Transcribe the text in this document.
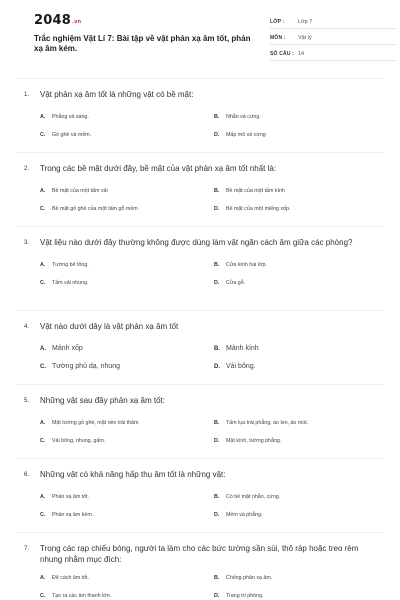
2048.vn
Trắc nghiệm Vật Lí 7: Bài tập về vật phản xạ âm tốt, phản xạ âm kém.
LỚP :	Lớp 7
MÔN :	Vật lý
SỐ CÂU : 14
1.	Vật phản xạ âm tốt là những vật có bề mặt:
A.	Phẳng và sáng.	B.	Nhẵn và cứng.
C.	Gồ ghề và mềm.	D.	Mấp mô và cứng
2.	Trong các bề mặt dưới đây, bề mặt của vật phản xạ âm tốt nhất là:
A.	Bề mặt của một tấm vải	B.	Bề mặt của một tấm kính
C.	Bề mặt gồ ghề của một tấm gỗ mềm	D.	Bề mặt của một miếng xốp.
3.	Vật liệu nào dưới đây thường không được dùng làm vật ngăn cách âm giữa các phòng?
A.	Tường bê tông.	B.	Cửa kính hai lớp.
C.	Tấm vải nhung.	D.	Cửa gỗ.
4.	Vật nào dưới dây là vật phản xạ âm tốt
A. Mảnh xốp	B. Mảnh kính
C. Tường phủ dạ, nhung	D. Vải bông.
5.	Những vật sau đây phản xạ âm tốt:
A.	Mặt tường gồ ghề, mặt nền trải thảm	B.	Tấm lụa trải phẳng, áo len, áo mút.
C.	Vải bông, nhung, gấm.	D.	Mặt kính, tường phẳng.
6.	Những vật có khả năng hấp thụ âm tốt là những vật:
A.	Phản xạ âm tốt.	B.	Có bề mặt nhẵn, cứng.
C.	Phản xạ âm kém.	D.	Mềm và phẳng.
7.	Trong các rạp chiếu bóng, người ta làm cho các bức tường sần sùi, thô ráp hoặc treo rèm nhung nhằm mục đích:
A.	Để cách âm tốt.	B.	Chống phản xạ âm.
C.	Tạo ra các âm thanh lớn.	D.	Trang trí phòng.
